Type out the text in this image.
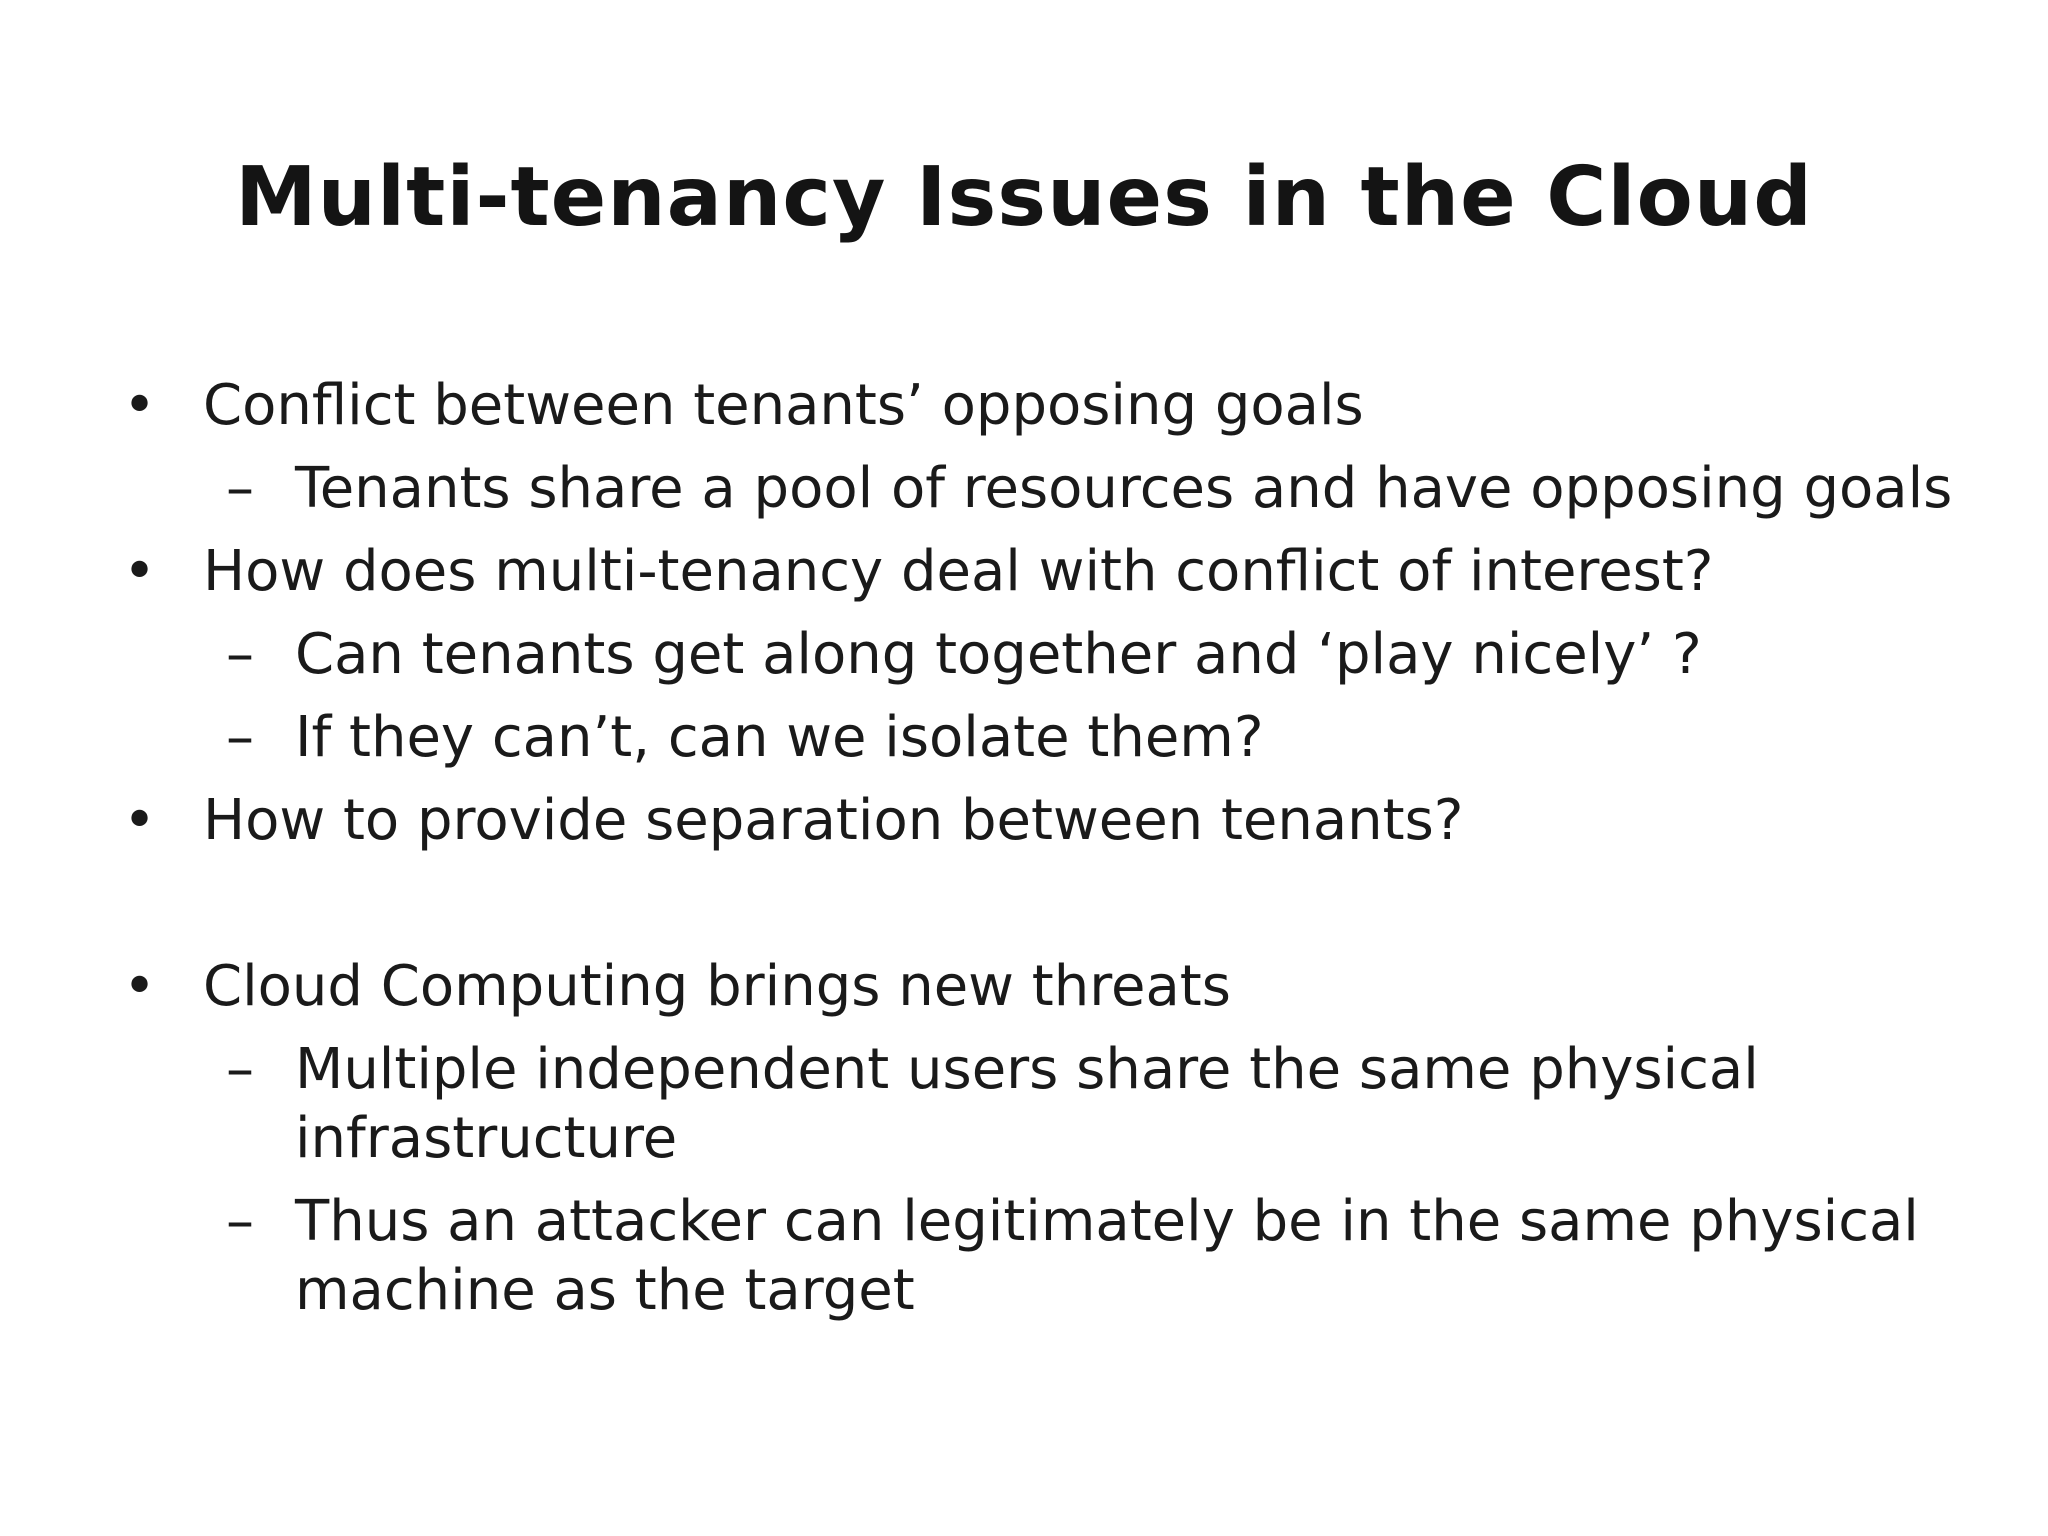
Multi-tenancy Issues in the Cloud
• Conflict between tenants’ opposing goals
– Tenants share a pool of resources and have opposing goals
• How does multi-tenancy deal with conflict of interest?
– Can tenants get along together and ‘play nicely’ ?
– If they can’t, can we isolate them?
• How to provide separation between tenants?
• Cloud Computing brings new threats
– Multiple independent users share the same physical
infrastructure
– Thus an attacker can legitimately be in the same physical
machine as the target
